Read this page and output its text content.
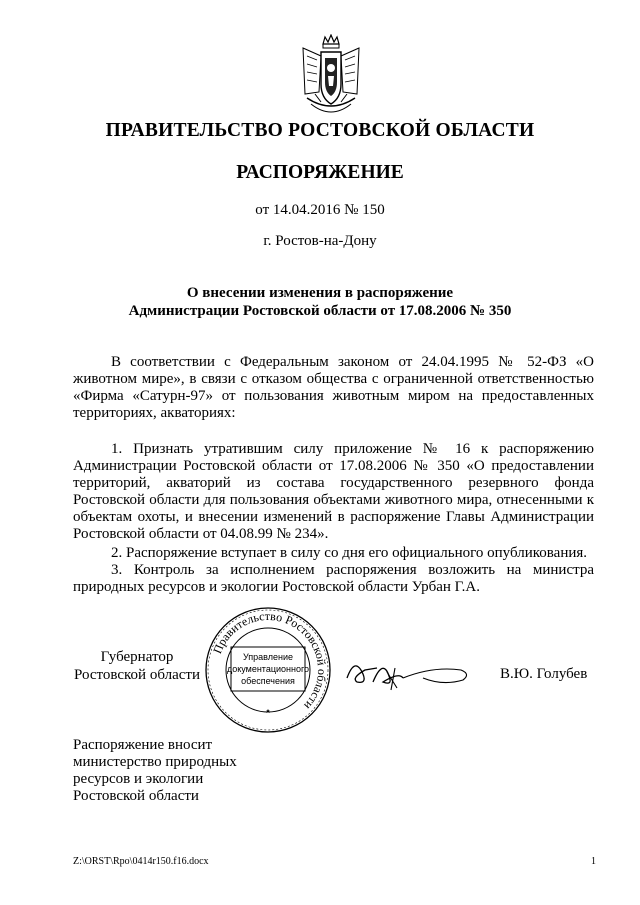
ПРАВИТЕЛЬСТВО РОСТОВСКОЙ ОБЛАСТИ
РАСПОРЯЖЕНИЕ
от 14.04.2016 № 150
г. Ростов-на-Дону
О внесении изменения в распоряжение
Администрации Ростовской области от 17.08.2006 № 350

В соответствии с Федеральным законом от 24.04.1995 № 52-ФЗ «О животном мире», в связи с отказом общества с ограниченной ответственностью «Фирма «Сатурн-97» от пользования животным миром на предоставленных территориях, акваториях:

1. Признать утратившим силу приложение № 16 к распоряжению Администрации Ростовской области от 17.08.2006 № 350 «О предоставлении территорий, акваторий из состава государственного резервного фонда Ростовской области для пользования объектами животного мира, отнесенными к объектам охоты, и внесении изменений в распоряжение Главы Администрации Ростовской области от 04.08.99 № 234».

2. Распоряжение вступает в силу со дня его официального опубликования.

3. Контроль за исполнением распоряжения возложить на министра природных ресурсов и экологии Ростовской области Урбан Г.А.

Губернатор
Ростовской области
Правительство Ростовской области
Управление
документационного
обеспечения	В.Ю. Голубев
Распоряжение вносит
министерство природных
ресурсов и экологии
Ростовской области
Z:\ORST\Rpo\0414r150.f16.docx	1
